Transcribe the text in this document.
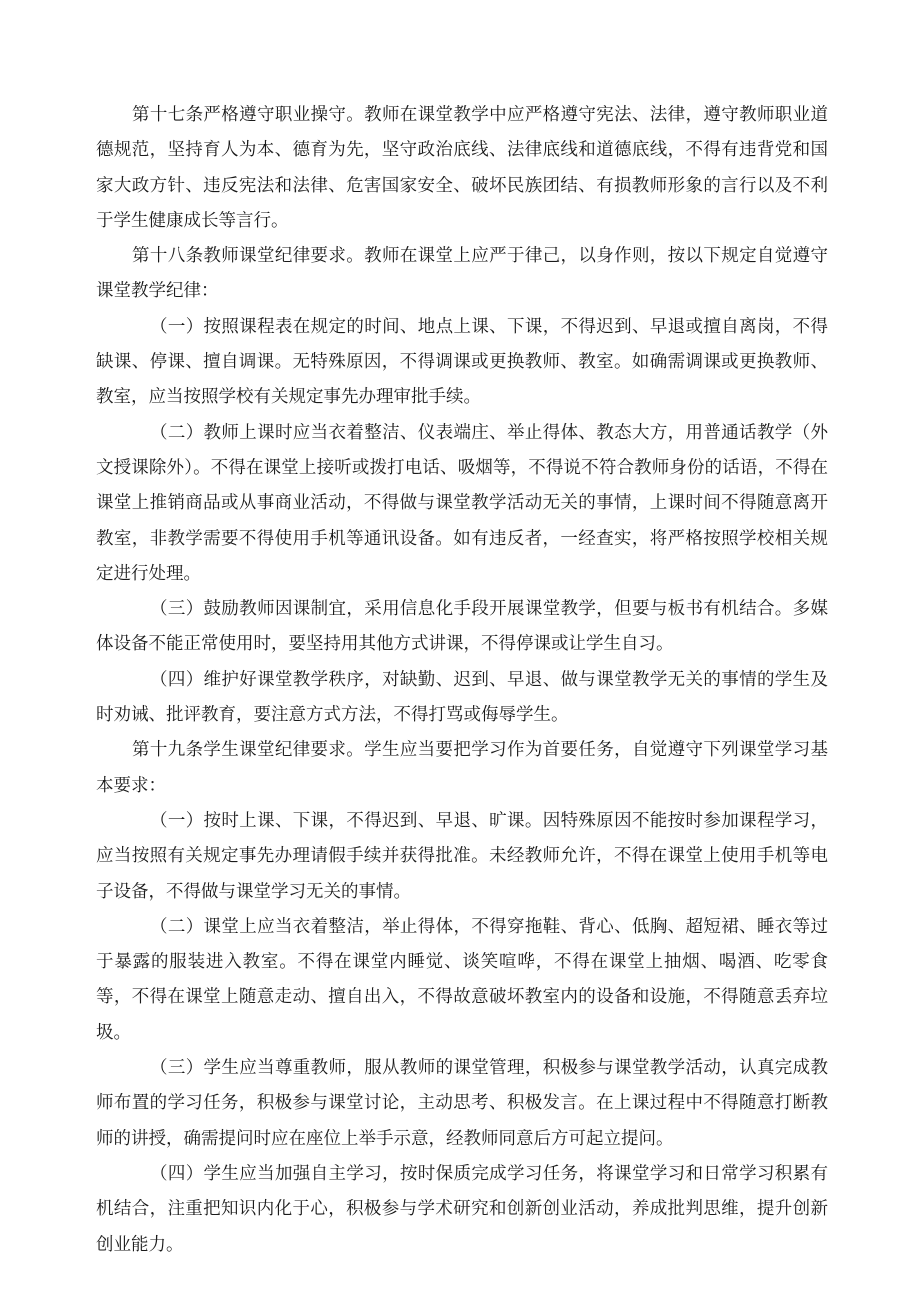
第十七条严格遵守职业操守。教师在课堂教学中应严格遵守宪法、法律，遵守教师职业道德规范，坚持育人为本、德育为先，坚守政治底线、法律底线和道德底线，不得有违背党和国家大政方针、违反宪法和法律、危害国家安全、破坏民族团结、有损教师形象的言行以及不利于学生健康成长等言行。

第十八条教师课堂纪律要求。教师在课堂上应严于律己，以身作则，按以下规定自觉遵守课堂教学纪律：

（一）按照课程表在规定的时间、地点上课、下课，不得迟到、早退或擅自离岗，不得缺课、停课、擅自调课。无特殊原因，不得调课或更换教师、教室。如确需调课或更换教师、教室，应当按照学校有关规定事先办理审批手续。

（二）教师上课时应当衣着整洁、仪表端庄、举止得体、教态大方，用普通话教学（外文授课除外）。不得在课堂上接听或拨打电话、吸烟等，不得说不符合教师身份的话语，不得在课堂上推销商品或从事商业活动，不得做与课堂教学活动无关的事情，上课时间不得随意离开教室，非教学需要不得使用手机等通讯设备。如有违反者，一经查实，将严格按照学校相关规定进行处理。

（三）鼓励教师因课制宜，采用信息化手段开展课堂教学，但要与板书有机结合。多媒体设备不能正常使用时，要坚持用其他方式讲课，不得停课或让学生自习。

（四）维护好课堂教学秩序，对缺勤、迟到、早退、做与课堂教学无关的事情的学生及时劝诫、批评教育，要注意方式方法，不得打骂或侮辱学生。

第十九条学生课堂纪律要求。学生应当要把学习作为首要任务，自觉遵守下列课堂学习基本要求：

（一）按时上课、下课，不得迟到、早退、旷课。因特殊原因不能按时参加课程学习，应当按照有关规定事先办理请假手续并获得批准。未经教师允许，不得在课堂上使用手机等电子设备，不得做与课堂学习无关的事情。

（二）课堂上应当衣着整洁，举止得体，不得穿拖鞋、背心、低胸、超短裙、睡衣等过于暴露的服装进入教室。不得在课堂内睡觉、谈笑喧哗，不得在课堂上抽烟、喝酒、吃零食等，不得在课堂上随意走动、擅自出入，不得故意破坏教室内的设备和设施，不得随意丢弃垃圾。

（三）学生应当尊重教师，服从教师的课堂管理，积极参与课堂教学活动，认真完成教师布置的学习任务，积极参与课堂讨论，主动思考、积极发言。在上课过程中不得随意打断教师的讲授，确需提问时应在座位上举手示意，经教师同意后方可起立提问。

（四）学生应当加强自主学习，按时保质完成学习任务，将课堂学习和日常学习积累有机结合，注重把知识内化于心，积极参与学术研究和创新创业活动，养成批判思维，提升创新创业能力。
